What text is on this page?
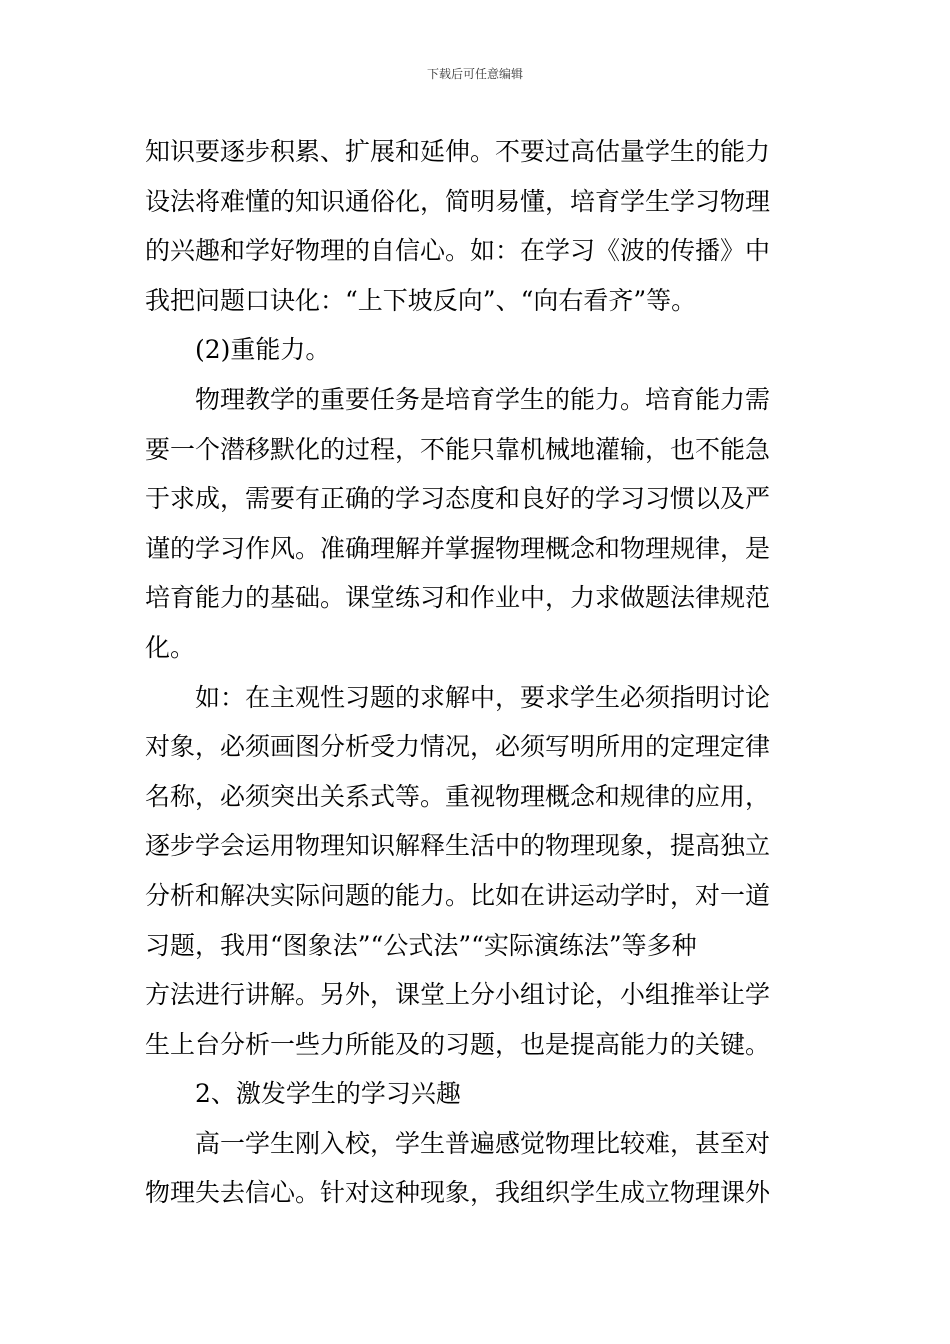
下载后可任意编辑
知识要逐步积累、扩展和延伸。不要过高估量学生的能力
设法将难懂的知识通俗化，简明易懂，培育学生学习物理
的兴趣和学好物理的自信心。如：在学习《波的传播》中
我把问题口诀化：“上下坡反向”、“向右看齐”等。
(2)重能力。
物理教学的重要任务是培育学生的能力。培育能力需
要一个潜移默化的过程，不能只靠机械地灌输，也不能急
于求成，需要有正确的学习态度和良好的学习习惯以及严
谨的学习作风。准确理解并掌握物理概念和物理规律，是
培育能力的基础。课堂练习和作业中，力求做题法律规范
化。
如：在主观性习题的求解中，要求学生必须指明讨论
对象，必须画图分析受力情况，必须写明所用的定理定律
名称，必须突出关系式等。重视物理概念和规律的应用，
逐步学会运用物理知识解释生活中的物理现象，提高独立
分析和解决实际问题的能力。比如在讲运动学时，对一道
习题，我用“图象法”“公式法”“实际演练法”等多种
方法进行讲解。另外，课堂上分小组讨论，小组推举让学
生上台分析一些力所能及的习题，也是提高能力的关键。
2、激发学生的学习兴趣
高一学生刚入校，学生普遍感觉物理比较难，甚至对
物理失去信心。针对这种现象，我组织学生成立物理课外
